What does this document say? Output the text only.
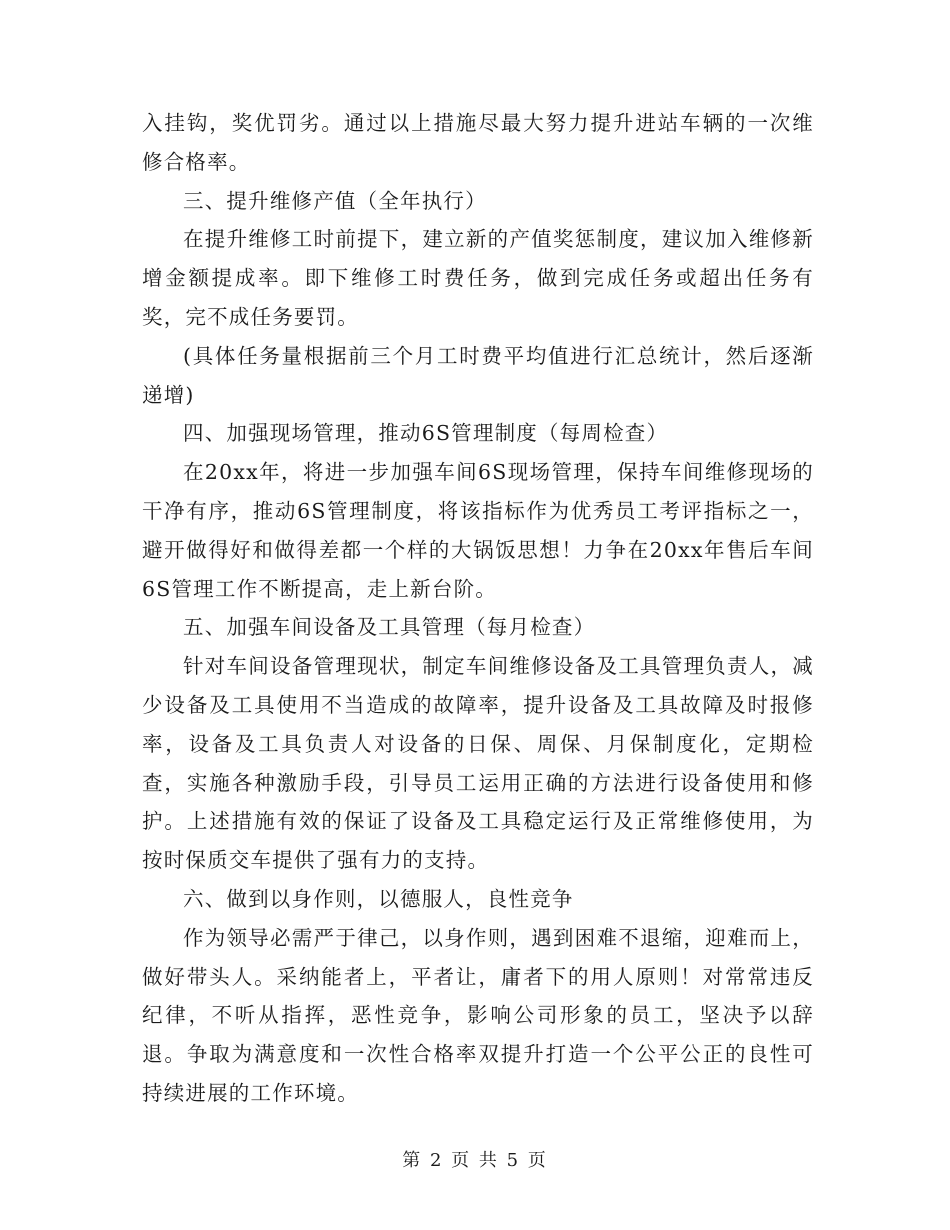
入挂钩，奖优罚劣。通过以上措施尽最大努力提升进站车辆的一次维修合格率。

三、提升维修产值（全年执行）

在提升维修工时前提下，建立新的产值奖惩制度，建议加入维修新增金额提成率。即下维修工时费任务，做到完成任务或超出任务有奖，完不成任务要罚。

(具体任务量根据前三个月工时费平均值进行汇总统计，然后逐渐递增)

四、加强现场管理，推动6S管理制度（每周检查）

在20xx年，将进一步加强车间6S现场管理，保持车间维修现场的干净有序，推动6S管理制度，将该指标作为优秀员工考评指标之一，避开做得好和做得差都一个样的大锅饭思想！力争在20xx年售后车间6S管理工作不断提高，走上新台阶。

五、加强车间设备及工具管理（每月检查）

针对车间设备管理现状，制定车间维修设备及工具管理负责人，减少设备及工具使用不当造成的故障率，提升设备及工具故障及时报修率，设备及工具负责人对设备的日保、周保、月保制度化，定期检查，实施各种激励手段，引导员工运用正确的方法进行设备使用和修护。上述措施有效的保证了设备及工具稳定运行及正常维修使用，为按时保质交车提供了强有力的支持。

六、做到以身作则，以德服人，良性竞争

作为领导必需严于律己，以身作则，遇到困难不退缩，迎难而上，做好带头人。采纳能者上，平者让，庸者下的用人原则！对常常违反纪律，不听从指挥，恶性竞争，影响公司形象的员工，坚决予以辞退。争取为满意度和一次性合格率双提升打造一个公平公正的良性可持续进展的工作环境。

第 2 页 共 5 页
